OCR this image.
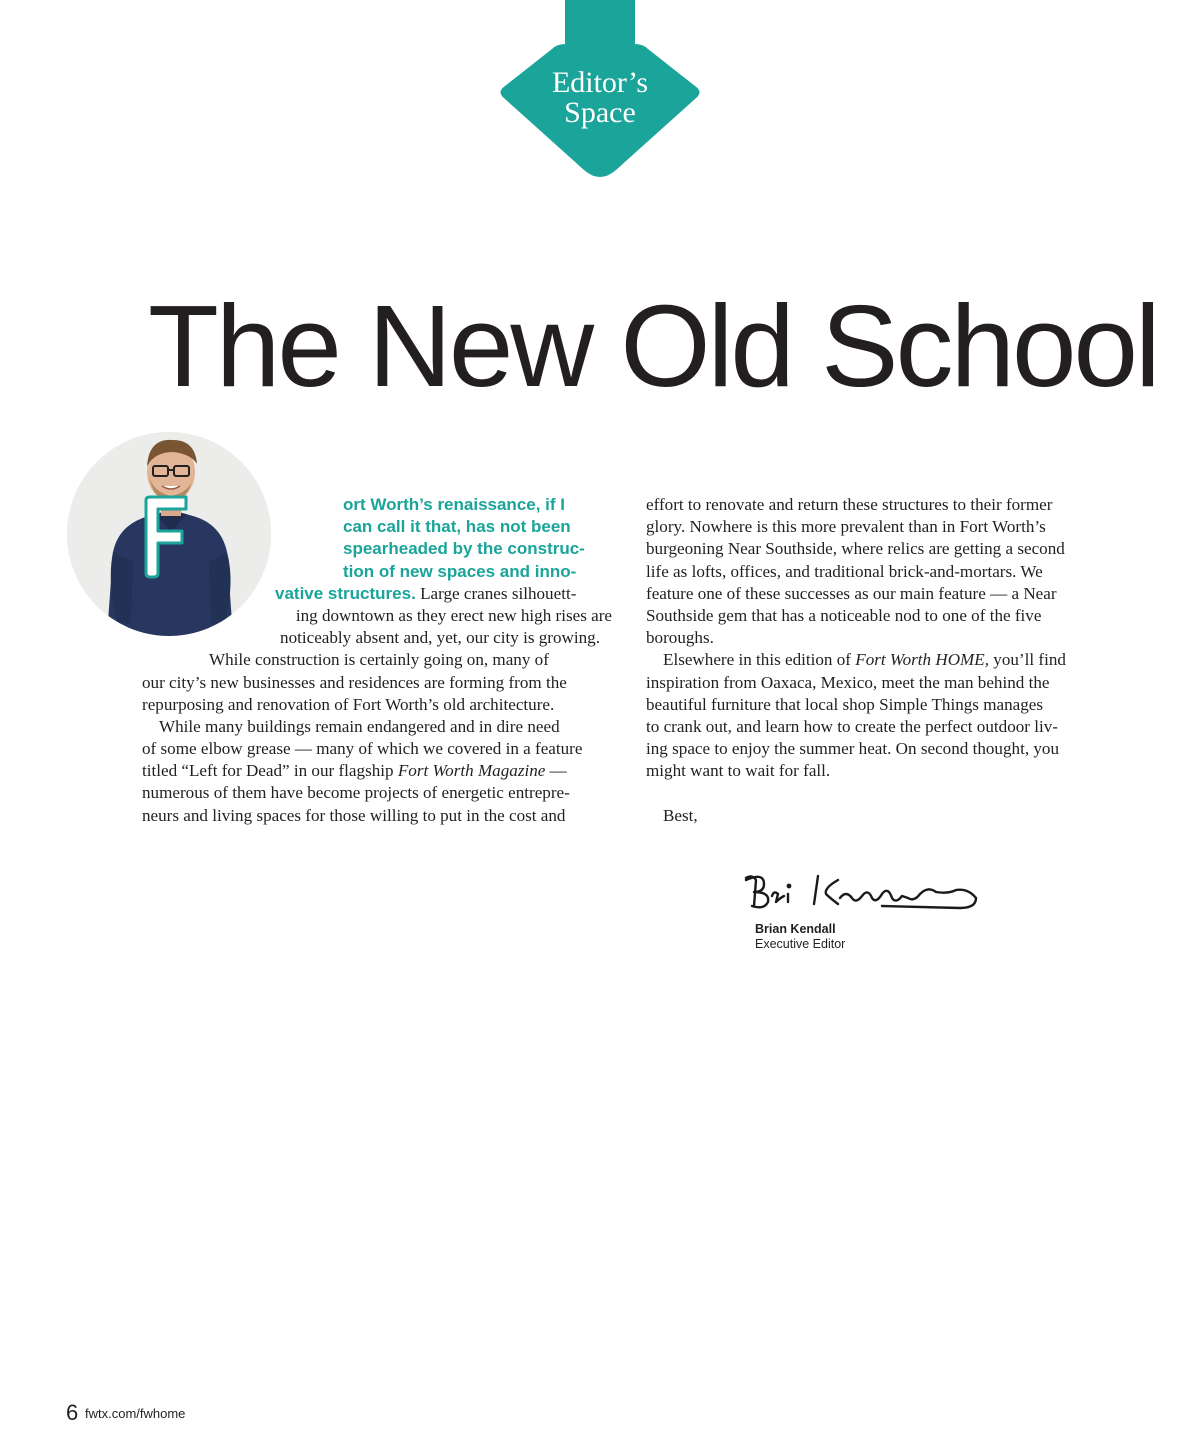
Editor’s
Space
The New Old School
ort Worth’s renaissance, if I
can call it that, has not been
spearheaded by the construc-
tion of new spaces and inno-
vative structures. Large cranes silhouett-
ing downtown as they erect new high rises are
noticeably absent and, yet, our city is growing.
While construction is certainly going on, many of
our city’s new businesses and residences are forming from the
repurposing and renovation of Fort Worth’s old architecture.
While many buildings remain endangered and in dire need
of some elbow grease — many of which we covered in a feature
titled “Left for Dead” in our flagship Fort Worth Magazine —
numerous of them have become projects of energetic entrepre-
neurs and living spaces for those willing to put in the cost and
effort to renovate and return these structures to their former
glory. Nowhere is this more prevalent than in Fort Worth’s
burgeoning Near Southside, where relics are getting a second
life as lofts, offices, and traditional brick-and-mortars. We
feature one of these successes as our main feature — a Near
Southside gem that has a noticeable nod to one of the five
boroughs.
Elsewhere in this edition of Fort Worth HOME, you’ll find
inspiration from Oaxaca, Mexico, meet the man behind the
beautiful furniture that local shop Simple Things manages
to crank out, and learn how to create the perfect outdoor liv-
ing space to enjoy the summer heat. On second thought, you
might want to wait for fall.
Best,
Brian Kendall
Executive Editor
6 fwtx.com/fwhome
